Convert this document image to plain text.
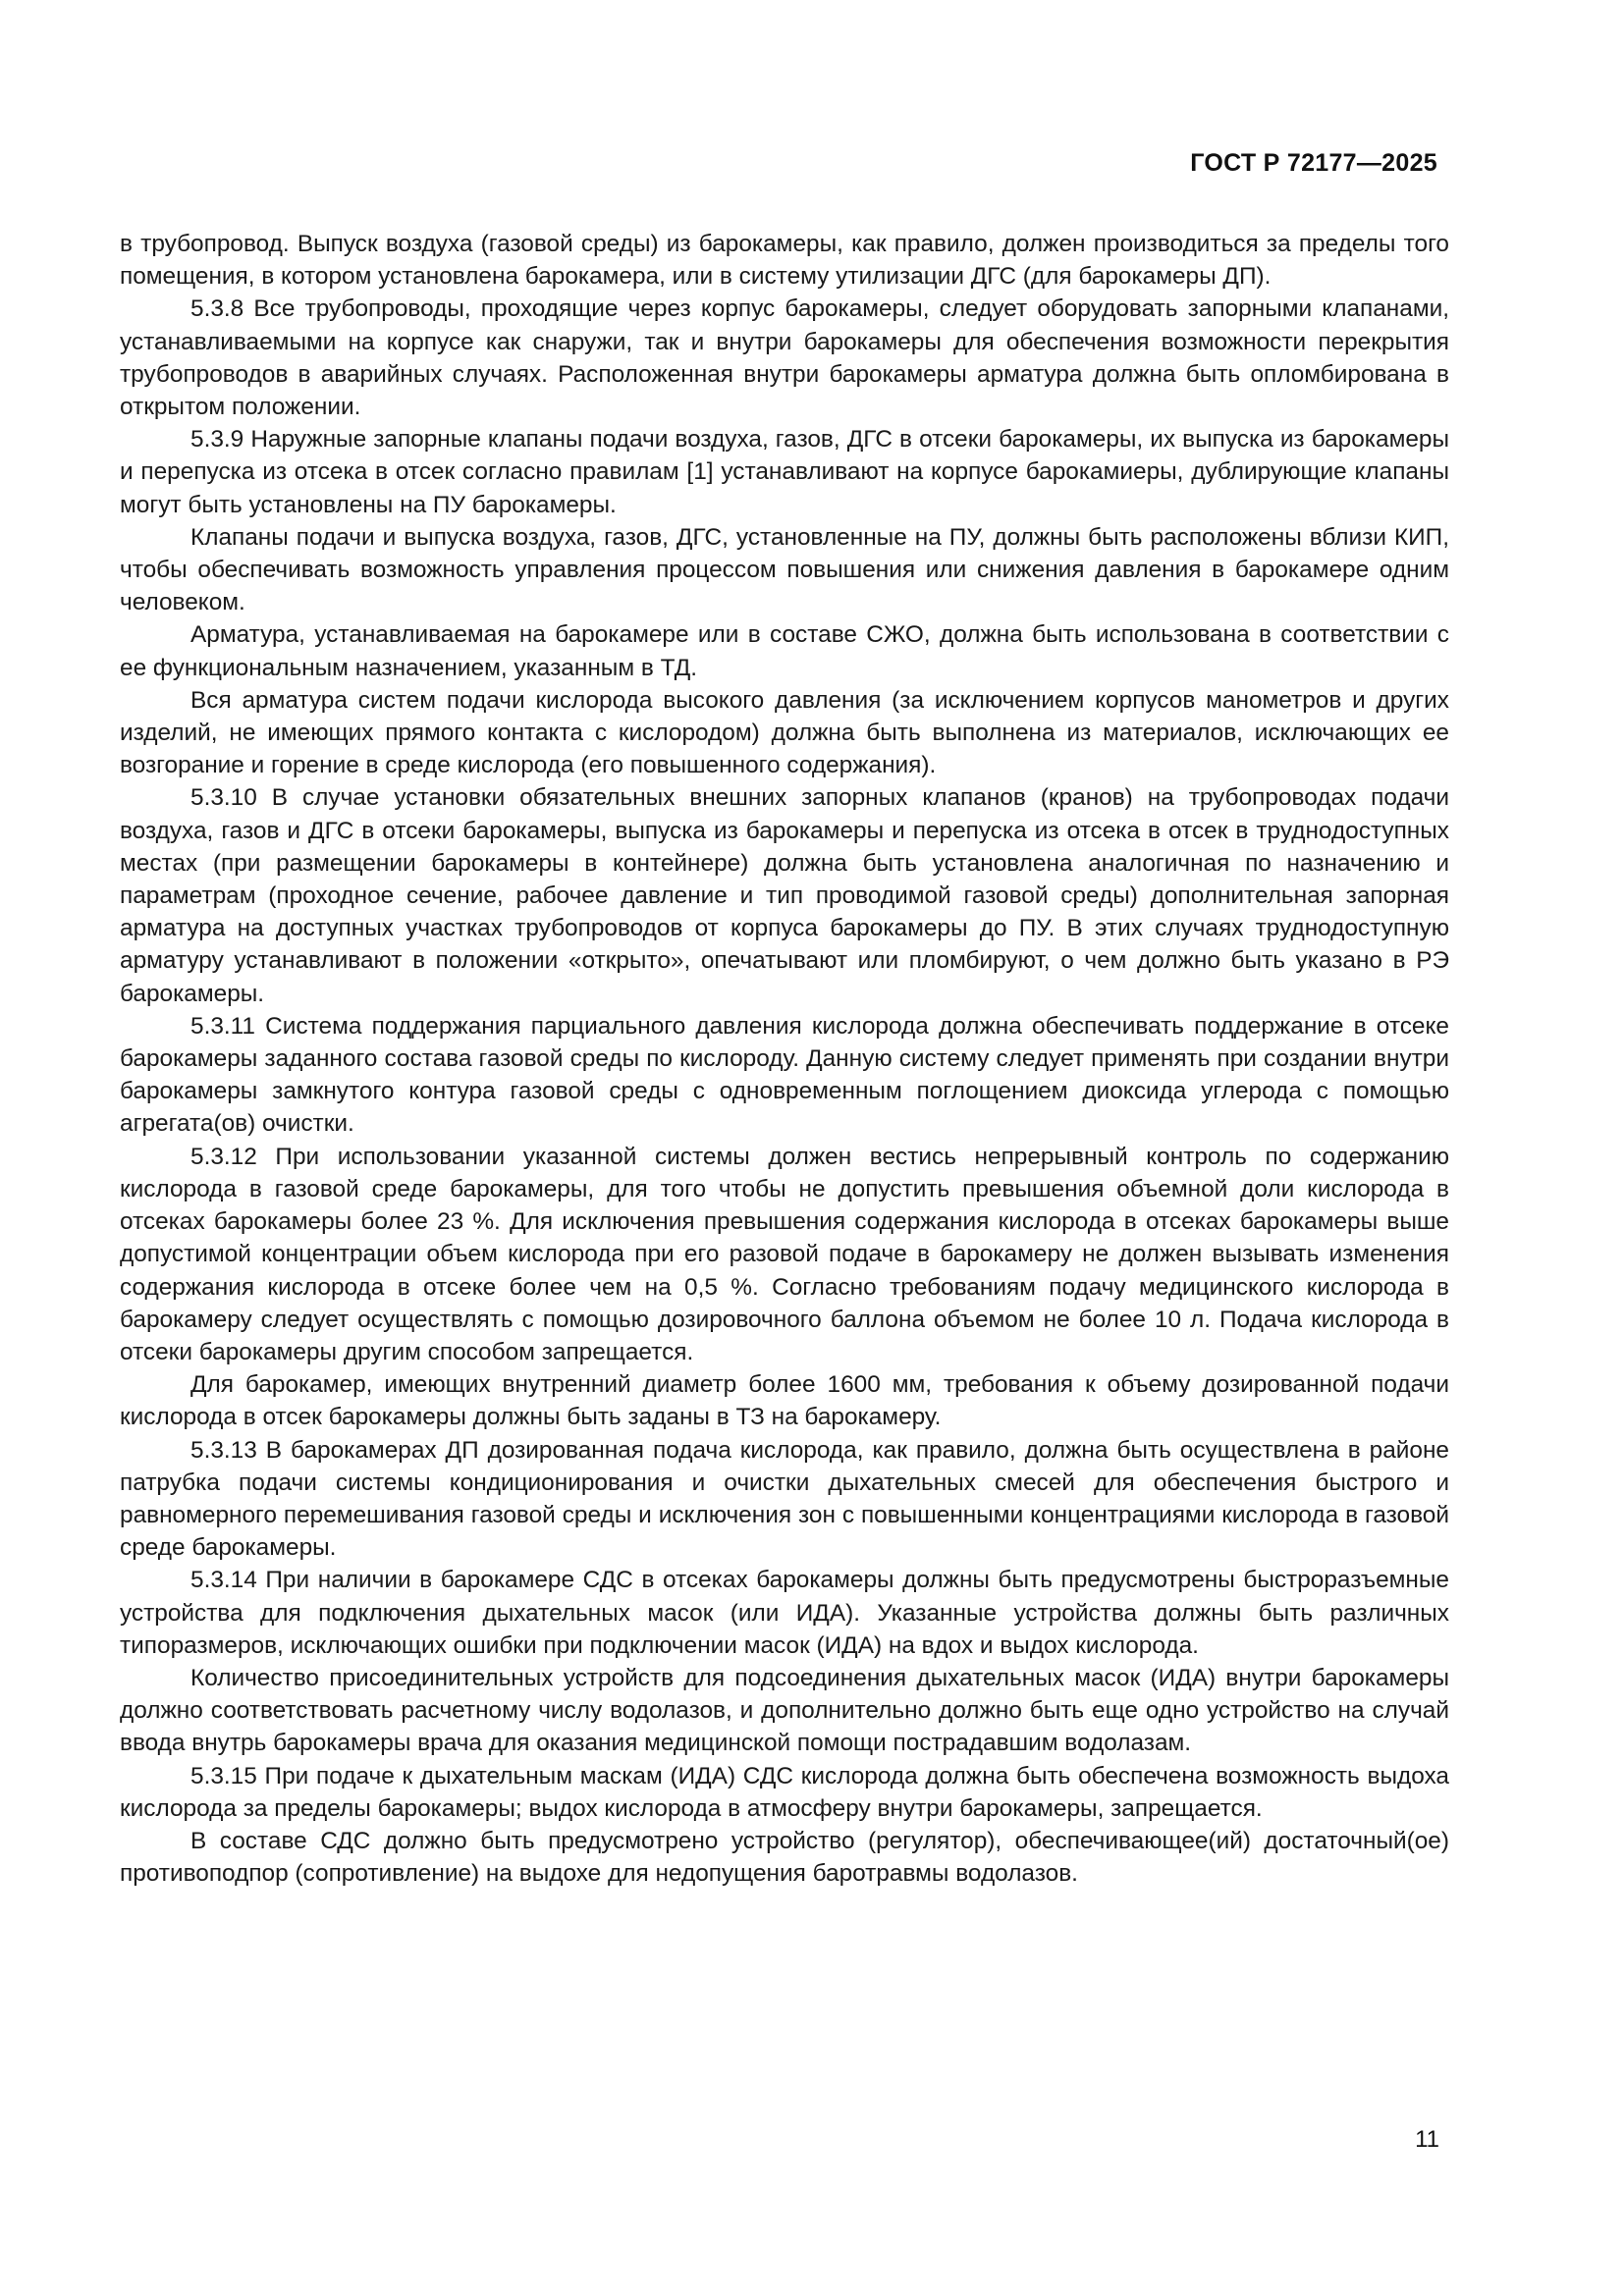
ГОСТ Р 72177—2025

в трубопровод. Выпуск воздуха (газовой среды) из барокамеры, как правило, должен производиться за пределы того помещения, в котором установлена барокамера, или в систему утилизации ДГС (для барокамеры ДП).

5.3.8 Все трубопроводы, проходящие через корпус барокамеры, следует оборудовать запорными клапанами, устанавливаемыми на корпусе как снаружи, так и внутри барокамеры для обеспечения возможности перекрытия трубопроводов в аварийных случаях. Расположенная внутри барокамеры арматура должна быть опломбирована в открытом положении.

5.3.9 Наружные запорные клапаны подачи воздуха, газов, ДГС в отсеки барокамеры, их выпуска из барокамеры и перепуска из отсека в отсек согласно правилам [1] устанавливают на корпусе барокамиеры, дублирующие клапаны могут быть установлены на ПУ барокамеры.

Клапаны подачи и выпуска воздуха, газов, ДГС, установленные на ПУ, должны быть расположены вблизи КИП, чтобы обеспечивать возможность управления процессом повышения или снижения давления в барокамере одним человеком.

Арматура, устанавливаемая на барокамере или в составе СЖО, должна быть использована в соответствии с ее функциональным назначением, указанным в ТД.

Вся арматура систем подачи кислорода высокого давления (за исключением корпусов манометров и других изделий, не имеющих прямого контакта с кислородом) должна быть выполнена из материалов, исключающих ее возгорание и горение в среде кислорода (его повышенного содержания).

5.3.10 В случае установки обязательных внешних запорных клапанов (кранов) на трубопроводах подачи воздуха, газов и ДГС в отсеки барокамеры, выпуска из барокамеры и перепуска из отсека в отсек в труднодоступных местах (при размещении барокамеры в контейнере) должна быть установлена аналогичная по назначению и параметрам (проходное сечение, рабочее давление и тип проводимой газовой среды) дополнительная запорная арматура на доступных участках трубопроводов от корпуса барокамеры до ПУ. В этих случаях труднодоступную арматуру устанавливают в положении «открыто», опечатывают или пломбируют, о чем должно быть указано в РЭ барокамеры.

5.3.11 Система поддержания парциального давления кислорода должна обеспечивать поддержание в отсеке барокамеры заданного состава газовой среды по кислороду. Данную систему следует применять при создании внутри барокамеры замкнутого контура газовой среды с одновременным поглощением диоксида углерода с помощью агрегата(ов) очистки.

5.3.12 При использовании указанной системы должен вестись непрерывный контроль по содержанию кислорода в газовой среде барокамеры, для того чтобы не допустить превышения объемной доли кислорода в отсеках барокамеры более 23 %. Для исключения превышения содержания кислорода в отсеках барокамеры выше допустимой концентрации объем кислорода при его разовой подаче в барокамеру не должен вызывать изменения содержания кислорода в отсеке более чем на 0,5 %. Согласно требованиям подачу медицинского кислорода в барокамеру следует осуществлять с помощью дозировочного баллона объемом не более 10 л. Подача кислорода в отсеки барокамеры другим способом запрещается.

Для барокамер, имеющих внутренний диаметр более 1600 мм, требования к объему дозированной подачи кислорода в отсек барокамеры должны быть заданы в ТЗ на барокамеру.

5.3.13 В барокамерах ДП дозированная подача кислорода, как правило, должна быть осуществлена в районе патрубка подачи системы кондиционирования и очистки дыхательных смесей для обеспечения быстрого и равномерного перемешивания газовой среды и исключения зон с повышенными концентрациями кислорода в газовой среде барокамеры.

5.3.14 При наличии в барокамере СДС в отсеках барокамеры должны быть предусмотрены быстроразъемные устройства для подключения дыхательных масок (или ИДА). Указанные устройства должны быть различных типоразмеров, исключающих ошибки при подключении масок (ИДА) на вдох и выдох кислорода.

Количество присоединительных устройств для подсоединения дыхательных масок (ИДА) внутри барокамеры должно соответствовать расчетному числу водолазов, и дополнительно должно быть еще одно устройство на случай ввода внутрь барокамеры врача для оказания медицинской помощи пострадавшим водолазам.

5.3.15 При подаче к дыхательным маскам (ИДА) СДС кислорода должна быть обеспечена возможность выдоха кислорода за пределы барокамеры; выдох кислорода в атмосферу внутри барокамеры, запрещается.

В составе СДС должно быть предусмотрено устройство (регулятор), обеспечивающее(ий) достаточный(ое) противоподпор (сопротивление) на выдохе для недопущения баротравмы водолазов.

11
